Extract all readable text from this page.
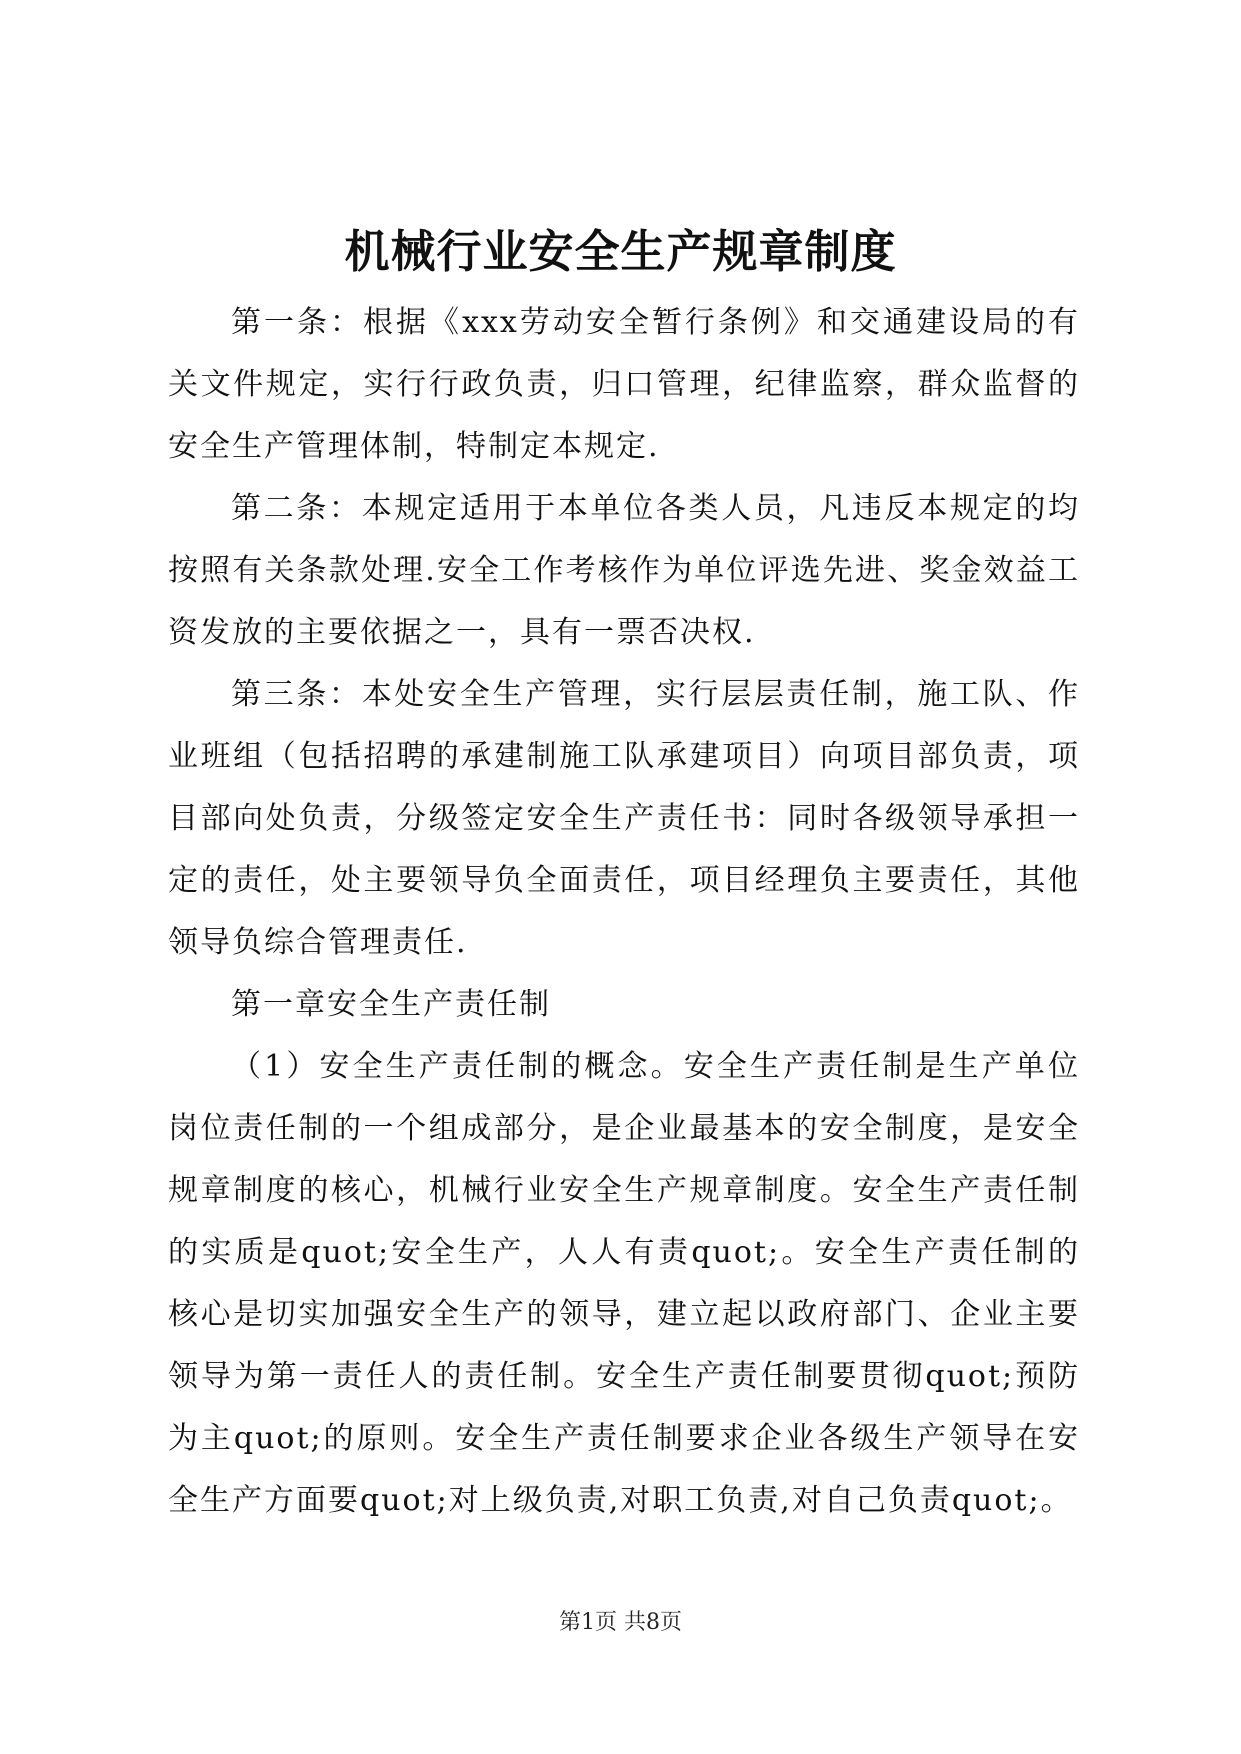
机械行业安全生产规章制度

第一条：根据《xxx劳动安全暂行条例》和交通建设局的有关文件规定，实行行政负责，归口管理，纪律监察，群众监督的安全生产管理体制，特制定本规定.

第二条：本规定适用于本单位各类人员，凡违反本规定的均按照有关条款处理.安全工作考核作为单位评选先进、奖金效益工资发放的主要依据之一，具有一票否决权.

第三条：本处安全生产管理，实行层层责任制，施工队、作业班组（包括招聘的承建制施工队承建项目）向项目部负责，项目部向处负责，分级签定安全生产责任书：同时各级领导承担一定的责任，处主要领导负全面责任，项目经理负主要责任，其他领导负综合管理责任.

第一章安全生产责任制

（1）安全生产责任制的概念。安全生产责任制是生产单位岗位责任制的一个组成部分，是企业最基本的安全制度，是安全规章制度的核心，机械行业安全生产规章制度。安全生产责任制的实质是quot;安全生产，人人有责quot;。安全生产责任制的核心是切实加强安全生产的领导，建立起以政府部门、企业主要领导为第一责任人的责任制。安全生产责任制要贯彻quot;预防为主quot;的原则。安全生产责任制要求企业各级生产领导在安全生产方面要quot;对上级负责,对职工负责,对自己负责quot;。

第1页 共8页
